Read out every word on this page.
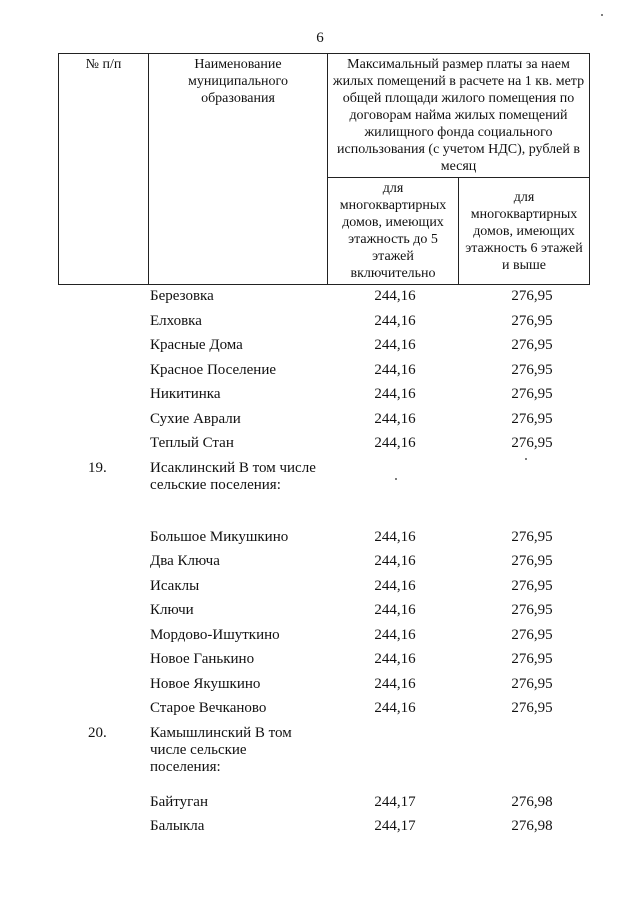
6
№ п/п	Наименование муниципального образования	Максимальный размер платы за наем жилых помещений в расчете на 1 кв. метр общей площади жилого помещения по договорам найма жилых помещений жилищного фонда социального использования (с учетом НДС), рублей в месяц	
		для многоквартирных домов, имеющих этажность до 5 этажей включительно	для многоквартирных домов, имеющих этажность 6 этажей и выше
Березовка	244,16	276,95
Елховка	244,16	276,95
Красные Дома	244,16	276,95
Красное Поселение	244,16	276,95
Никитинка	244,16	276,95
Сухие Аврали	244,16	276,95
Теплый Стан	244,16	276,95
19.	Исаклинский В том числе сельские поселения:
Большое Микушкино	244,16	276,95
Два Ключа	244,16	276,95
Исаклы	244,16	276,95
Ключи	244,16	276,95
Мордово-Ишуткино	244,16	276,95
Новое Ганькино	244,16	276,95
Новое Якушкино	244,16	276,95
Старое Вечканово	244,16	276,95
20.	Камышлинский В том числе сельские поселения:
Байтуган	244,17	276,98
Балыкла	244,17	276,98
